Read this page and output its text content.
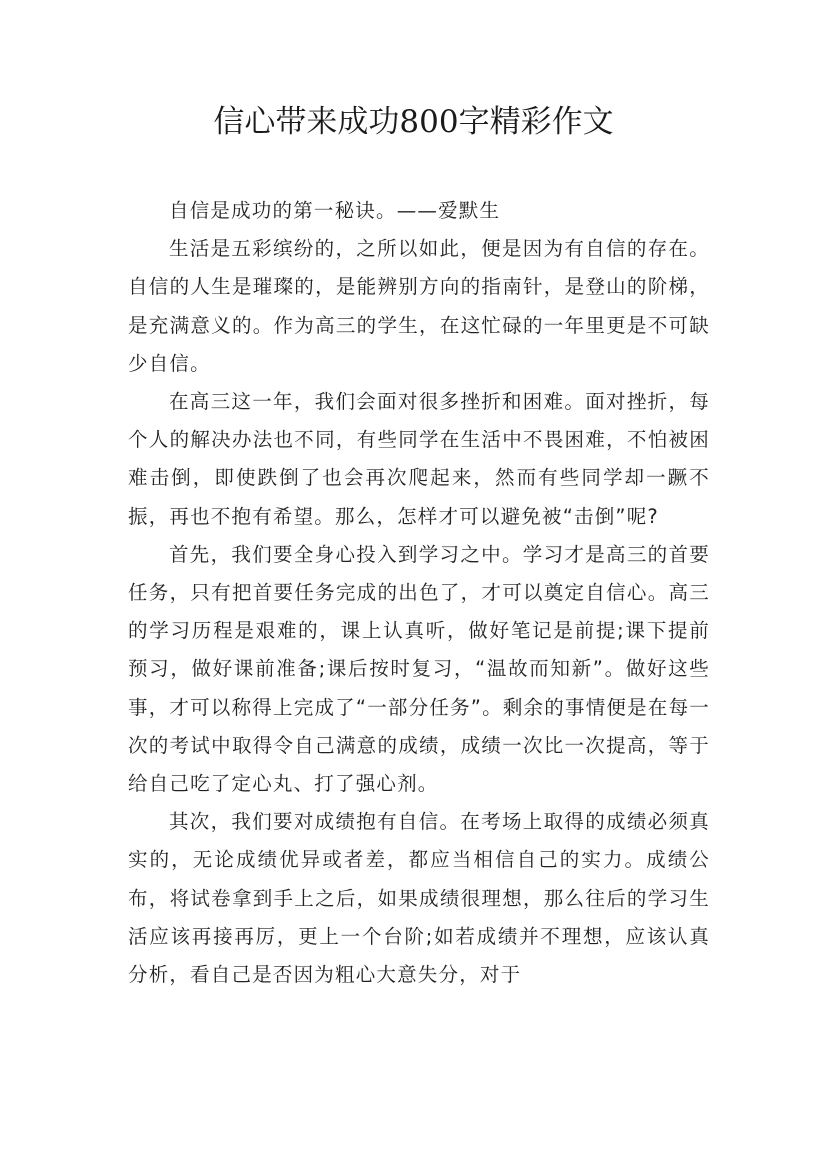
信心带来成功800字精彩作文

自信是成功的第一秘诀。——爱默生

生活是五彩缤纷的，之所以如此，便是因为有自信的存在。自信的人生是璀璨的，是能辨别方向的指南针，是登山的阶梯，是充满意义的。作为高三的学生，在这忙碌的一年里更是不可缺少自信。

在高三这一年，我们会面对很多挫折和困难。面对挫折，每个人的解决办法也不同，有些同学在生活中不畏困难，不怕被困难击倒，即使跌倒了也会再次爬起来，然而有些同学却一蹶不振，再也不抱有希望。那么，怎样才可以避免被“击倒”呢?

首先，我们要全身心投入到学习之中。学习才是高三的首要任务，只有把首要任务完成的出色了，才可以奠定自信心。高三的学习历程是艰难的，课上认真听，做好笔记是前提;课下提前预习，做好课前准备;课后按时复习，“温故而知新”。做好这些事，才可以称得上完成了“一部分任务”。剩余的事情便是在每一次的考试中取得令自己满意的成绩，成绩一次比一次提高，等于给自己吃了定心丸、打了强心剂。

其次，我们要对成绩抱有自信。在考场上取得的成绩必须真实的，无论成绩优异或者差，都应当相信自己的实力。成绩公布，将试卷拿到手上之后，如果成绩很理想，那么往后的学习生活应该再接再厉，更上一个台阶;如若成绩并不理想，应该认真分析，看自己是否因为粗心大意失分，对于
